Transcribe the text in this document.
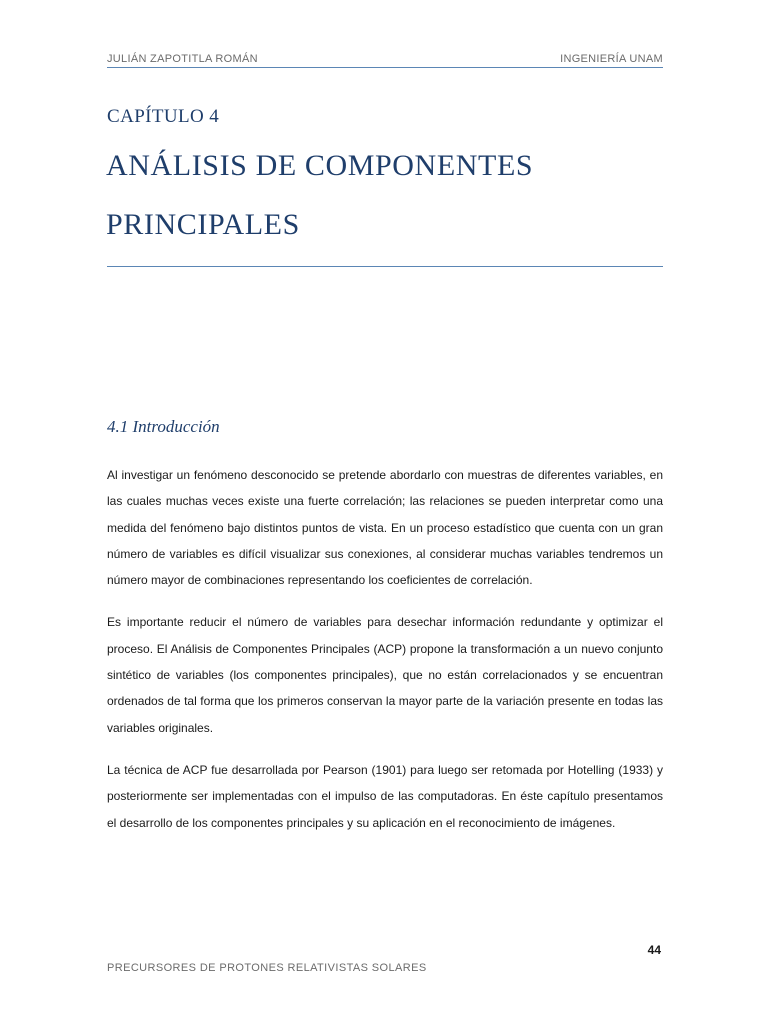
JULIÁN ZAPOTITLA ROMÁN	INGENIERÍA UNAM
CAPÍTULO 4
ANÁLISIS DE COMPONENTES PRINCIPALES
4.1 Introducción

Al investigar un fenómeno desconocido se pretende abordarlo con muestras de diferentes variables, en las cuales muchas veces existe una fuerte correlación; las relaciones se pueden interpretar como una medida del fenómeno bajo distintos puntos de vista. En un proceso estadístico que cuenta con un gran número de variables es difícil visualizar sus conexiones, al considerar muchas variables tendremos un número mayor de combinaciones representando los coeficientes de correlación.

Es importante reducir el número de variables para desechar información redundante y optimizar el proceso. El Análisis de Componentes Principales (ACP) propone la transformación a un nuevo conjunto sintético de variables (los componentes principales), que no están correlacionados y se encuentran ordenados de tal forma que los primeros conservan la mayor parte de la variación presente en todas las variables originales.

La técnica de ACP fue desarrollada por Pearson (1901) para luego ser retomada por Hotelling (1933) y posteriormente ser implementadas con el impulso de las computadoras. En éste capítulo presentamos el desarrollo de los componentes principales y su aplicación en el reconocimiento de imágenes.

44
PRECURSORES DE PROTONES RELATIVISTAS SOLARES
